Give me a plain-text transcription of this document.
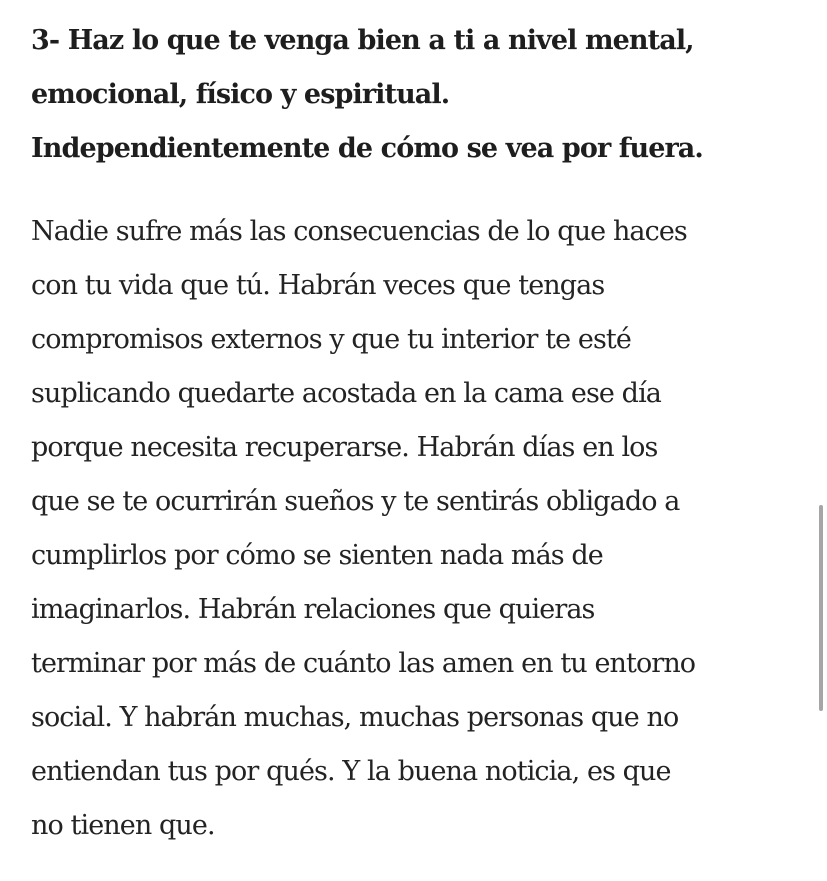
3- Haz lo que te venga bien a ti a nivel mental,
emocional, físico y espiritual.
Independientemente de cómo se vea por fuera.

Nadie sufre más las consecuencias de lo que haces
con tu vida que tú. Habrán veces que tengas
compromisos externos y que tu interior te esté
suplicando quedarte acostada en la cama ese día
porque necesita recuperarse. Habrán días en los
que se te ocurrirán sueños y te sentirás obligado a
cumplirlos por cómo se sienten nada más de
imaginarlos. Habrán relaciones que quieras
terminar por más de cuánto las amen en tu entorno
social. Y habrán muchas, muchas personas que no
entiendan tus por qués. Y la buena noticia, es que
no tienen que.
